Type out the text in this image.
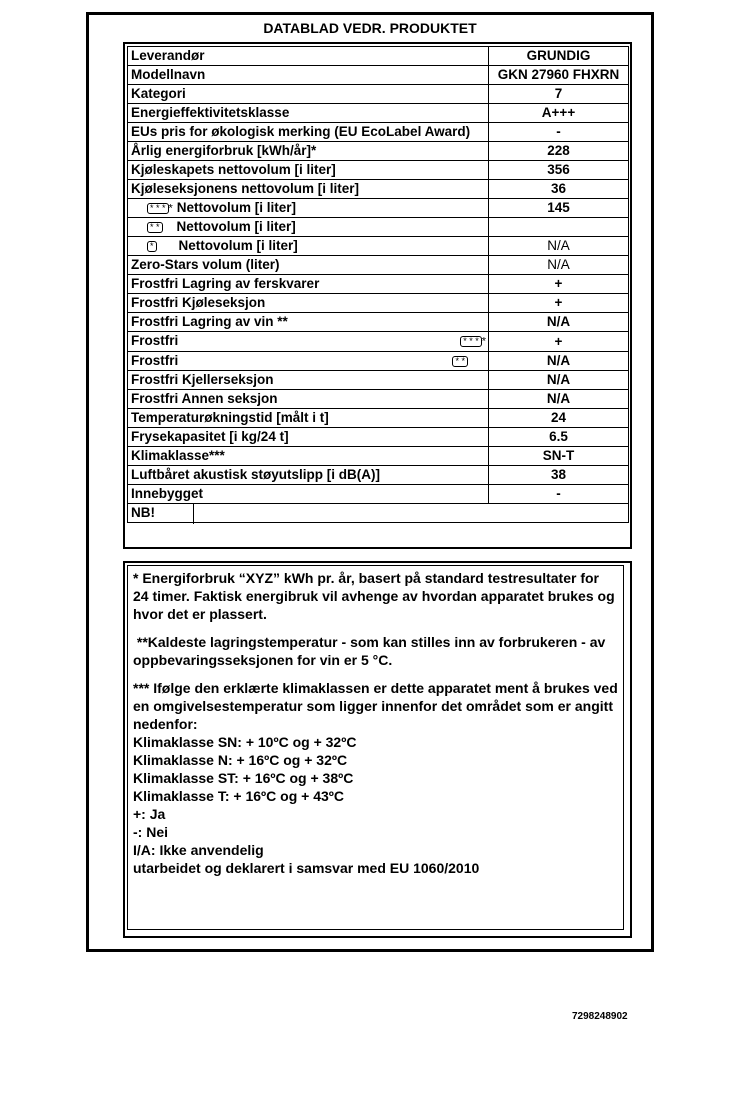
DATABLAD VEDR. PRODUKTET
Leverandør	GRUNDIG
Modellnavn	GKN 27960 FHXRN
Kategori	7
Energieffektivitetsklasse	A+++
EUs pris for økologisk merking (EU EcoLabel Award)	-
Årlig energiforbruk [kWh/år]*	228
Kjøleskapets nettovolum [i liter]	356
Kjøleseksjonens nettovolum [i liter]	36
* * * * Nettovolum [i liter]	145
* * Nettovolum [i liter]	
* Nettovolum [i liter]	N/A
Zero-Stars volum (liter)	N/A
Frostfri Lagring av ferskvarer	+
Frostfri Kjøleseksjon	+
Frostfri Lagring av vin **	N/A
Frostfri * * * *	+
Frostfri * *	N/A
Frostfri Kjellerseksjon	N/A
Frostfri Annen seksjon	N/A
Temperaturøkningstid [målt i t]	24
Frysekapasitet [i kg/24 t]	6.5
Klimaklasse***	SN-T
Luftbåret akustisk støyutslipp [i dB(A)]	38
Innebygget	-
NB!

* Energiforbruk “XYZ” kWh pr. år, basert på standard testresultater for 24 timer. Faktisk energibruk vil avhenge av hvordan apparatet brukes og hvor det er plassert.

**Kaldeste lagringstemperatur - som kan stilles inn av forbrukeren - av oppbevaringsseksjonen for vin er 5 °C.

*** Ifølge den erklærte klimaklassen er dette apparatet ment å brukes ved en omgivelsestemperatur som ligger innenfor det området som er angitt nedenfor:

Klimaklasse SN: + 10ºC og + 32ºC

Klimaklasse N: + 16ºC og + 32ºC

Klimaklasse ST: + 16ºC og + 38ºC

Klimaklasse T: + 16ºC og + 43ºC

+: Ja

-: Nei

I/A: Ikke anvendelig

utarbeidet og deklarert i samsvar med EU 1060/2010

7298248902
